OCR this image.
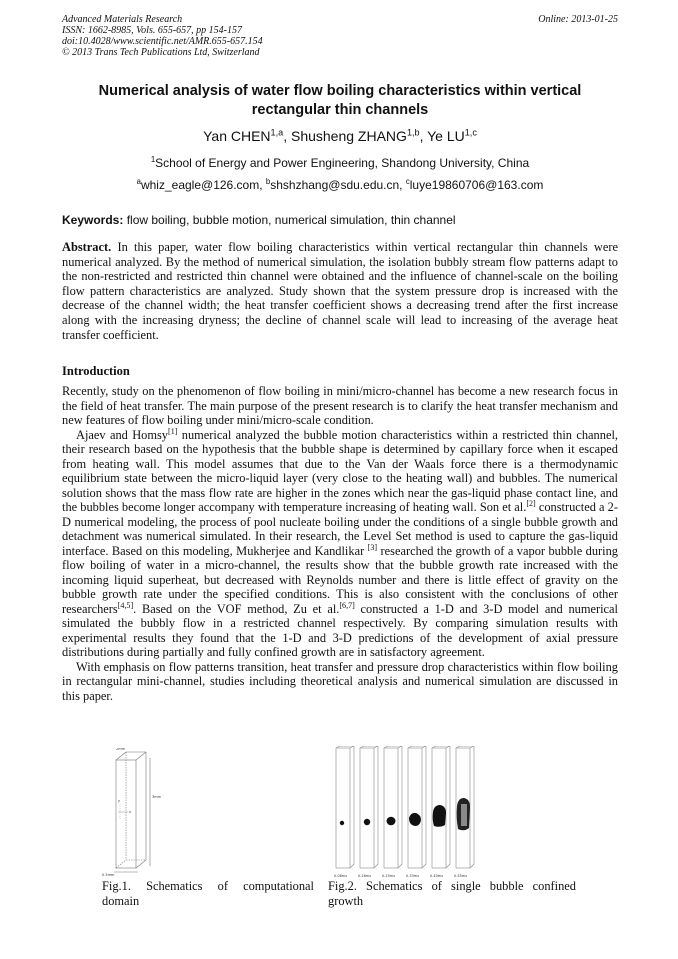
Advanced Materials Research
ISSN: 1662-8985, Vols. 655-657, pp 154-157
doi:10.4028/www.scientific.net/AMR.655-657.154
© 2013 Trans Tech Publications Ltd, Switzerland
Online: 2013-01-25
Numerical analysis of water flow boiling characteristics within vertical rectangular thin channels
Yan CHEN$^{1,a}$, Shusheng ZHANG$^{1,b}$, Ye LU$^{1,c}$
$^1$School of Energy and Power Engineering, Shandong University, China
$^a$whiz_eagle@126.com, $^b$shshzhang@sdu.edu.cn, $^c$luye19860706@163.com
Keywords: flow boiling, bubble motion, numerical simulation, thin channel
Abstract. In this paper, water flow boiling characteristics within vertical rectangular thin channels were numerical analyzed. By the method of numerical simulation, the isolation bubbly stream flow patterns adapt to the non-restricted and restricted thin channel were obtained and the influence of channel-scale on the boiling flow pattern characteristics are analyzed. Study shown that the system pressure drop is increased with the decrease of the channel width; the heat transfer coefficient shows a decreasing trend after the first increase along with the increasing dryness; the decline of channel scale will lead to increasing of the average heat transfer coefficient.
Introduction

Recently, study on the phenomenon of flow boiling in mini/micro-channel has become a new research focus in the field of heat transfer. The main purpose of the present research is to clarify the heat transfer mechanism and new features of flow boiling under mini/micro-scale condition.

Ajaev and Homsy[1] numerical analyzed the bubble motion characteristics within a restricted thin channel, their research based on the hypothesis that the bubble shape is determined by capillary force when it escaped from heating wall. This model assumes that due to the Van der Waals force there is a thermodynamic equilibrium state between the micro-liquid layer (very close to the heating wall) and bubbles. The numerical solution shows that the mass flow rate are higher in the zones which near the gas-liquid phase contact line, and the bubbles become longer accompany with temperature increasing of heating wall. Son et al.[2] constructed a 2-D numerical modeling, the process of pool nucleate boiling under the conditions of a single bubble growth and detachment was numerical simulated. In their research, the Level Set method is used to capture the gas-liquid interface. Based on this modeling, Mukherjee and Kandlikar [3] researched the growth of a vapor bubble during flow boiling of water in a micro-channel, the results show that the bubble growth rate increased with the incoming liquid superheat, but decreased with Reynolds number and there is little effect of gravity on the bubble growth rate under the specified conditions. This is also consistent with the conclusions of other researchers[4,5]. Based on the VOF method, Zu et al.[6,7] constructed a 1-D and 3-D model and numerical simulated the bubbly flow in a restricted channel respectively. By comparing simulation results with experimental results they found that the 1-D and 3-D predictions of the development of axial pressure distributions during partially and fully confined growth are in satisfactory agreement.

With emphasis on flow patterns transition, heat transfer and pressure drop characteristics within flow boiling in rectangular mini-channel, studies including theoretical analysis and numerical simulation are discussed in this paper.

2mm
3mm
0.5mm
y
x
0.08ms	0.16ms	0.25ms	0.33ms	0.40ms	0.55ms
Fig.1. Schematics of computational domain
Fig.2. Schematics of single bubble confined growth
